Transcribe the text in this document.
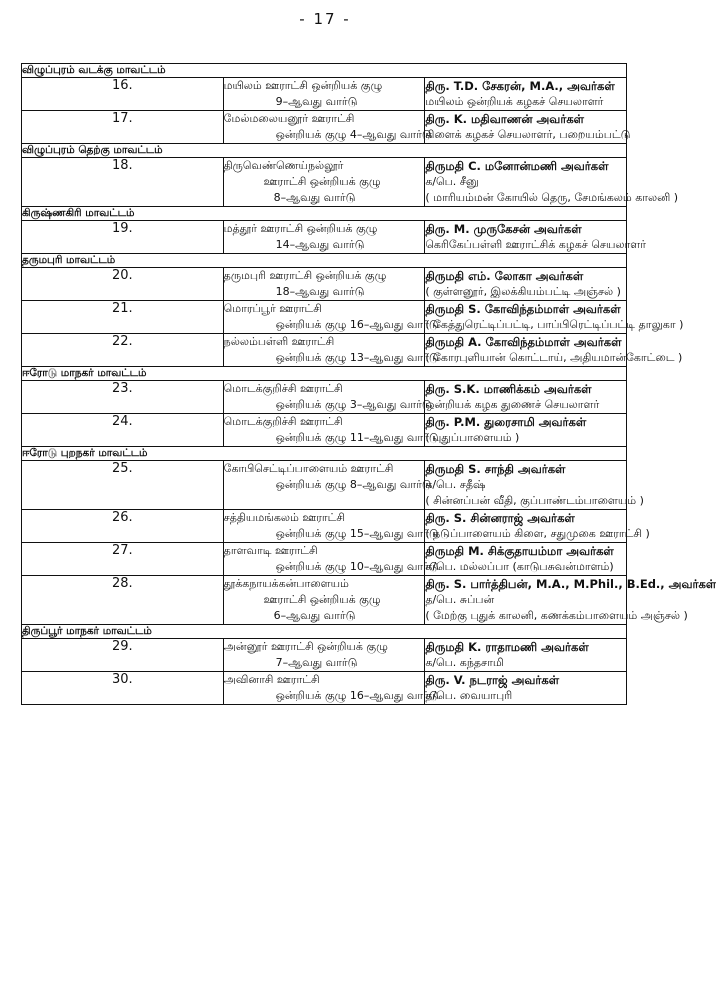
- 17 -
விழுப்புரம் வடக்கு மாவட்டம்		
16.	மயிலம் ஊராட்சி ஒன்றியக் குழு
9–ஆவது வார்டு	திரு. T.D. சேகரன், M.A., அவர்கள்
மயிலம் ஒன்றியக் கழகச் செயலாளர்

17.	மேல்மலையனூர் ஊராட்சி
ஒன்றியக் குழு 4–ஆவது வார்டு	திரு. K. மதிவாணன் அவர்கள்
கிளைக் கழகச் செயலாளர், பறையம்பட்டு

விழுப்புரம் தெற்கு மாவட்டம்		
18.	திருவெண்ணெய்நல்லூர்
ஊராட்சி ஒன்றியக் குழு
8–ஆவது வார்டு	திருமதி C. மனோன்மணி அவர்கள்
க/பெ. சீனு
( மாரியம்மன் கோயில் தெரு, சேமங்கலம் காலனி )

கிருஷ்ணகிரி மாவட்டம்		
19.	மத்தூர் ஊராட்சி ஒன்றியக் குழு
14–ஆவது வார்டு	திரு. M. முருகேசன் அவர்கள்
கெரிகேப்பள்ளி ஊராட்சிக் கழகச் செயலாளர்

தருமபுரி மாவட்டம்		
20.	தருமபுரி ஊராட்சி ஒன்றியக் குழு
18–ஆவது வார்டு	திருமதி எம். லோகா அவர்கள்
( குள்ளனூர், இலக்கியம்பட்டி அஞ்சல் )

21.	மொரப்பூர் ஊராட்சி
ஒன்றியக் குழு 16–ஆவது வார்டு	திருமதி S. கோவிந்தம்மாள் அவர்கள்
( கேத்துரெட்டிப்பட்டி, பாப்பிரெட்டிப்பட்டி தாலுகா )

22.	நல்லம்பள்ளி ஊராட்சி
ஒன்றியக் குழு 13–ஆவது வார்டு	திருமதி A. கோவிந்தம்மாள் அவர்கள்
( கோரபுளியான் கொட்டாய், அதியமான்கோட்டை )

ஈரோடு மாநகர் மாவட்டம்		
23.	மொடக்குறிச்சி ஊராட்சி
ஒன்றியக் குழு 3–ஆவது வார்டு	திரு. S.K. மாணிக்கம் அவர்கள்
ஒன்றியக் கழக துணைச் செயலாளர்

24.	மொடக்குறிச்சி ஊராட்சி
ஒன்றியக் குழு 11–ஆவது வார்டு	திரு. P.M. துரைசாமி அவர்கள்
( புதுப்பாளையம் )

ஈரோடு புறநகர் மாவட்டம்		
25.	கோபிசெட்டிப்பாளையம் ஊராட்சி
ஒன்றியக் குழு 8–ஆவது வார்டு	திருமதி S. சாந்தி அவர்கள்
க/பெ. சதீஷ்
( சின்னப்பன் வீதி, குப்பாண்டம்பாளையம் )

26.	சத்தியமங்கலம் ஊராட்சி
ஒன்றியக் குழு 15–ஆவது வார்டு	திரு. S. சின்னராஜ் அவர்கள்
( நடுப்பாளையம் கிளை, சதுமுகை ஊராட்சி )

27.	தாளவாடி ஊராட்சி
ஒன்றியக் குழு 10–ஆவது வார்டு	திருமதி M. சிக்குதாயம்மா அவர்கள்
க/பெ. மல்லப்பா (காடுபசுவன்மாளம்)

28.	தூக்கநாயக்கன்பாளையம்
ஊராட்சி ஒன்றியக் குழு
6–ஆவது வார்டு	திரு. S. பார்த்திபன், M.A., M.Phil., B.Ed., அவர்கள்
த/பெ. சுப்பன்
( மேற்கு புதுக் காலனி, கணக்கம்பாளையம் அஞ்சல் )

திருப்பூர் மாநகர் மாவட்டம்		
29.	அன்னூர் ஊராட்சி ஒன்றியக் குழு
7–ஆவது வார்டு	திருமதி K. ராதாமணி அவர்கள்
க/பெ. கந்தசாமி

30.	அவினாசி ஊராட்சி
ஒன்றியக் குழு 16–ஆவது வார்டு	திரு. V. நடராஜ் அவர்கள்
த/பெ. வையாபுரி
